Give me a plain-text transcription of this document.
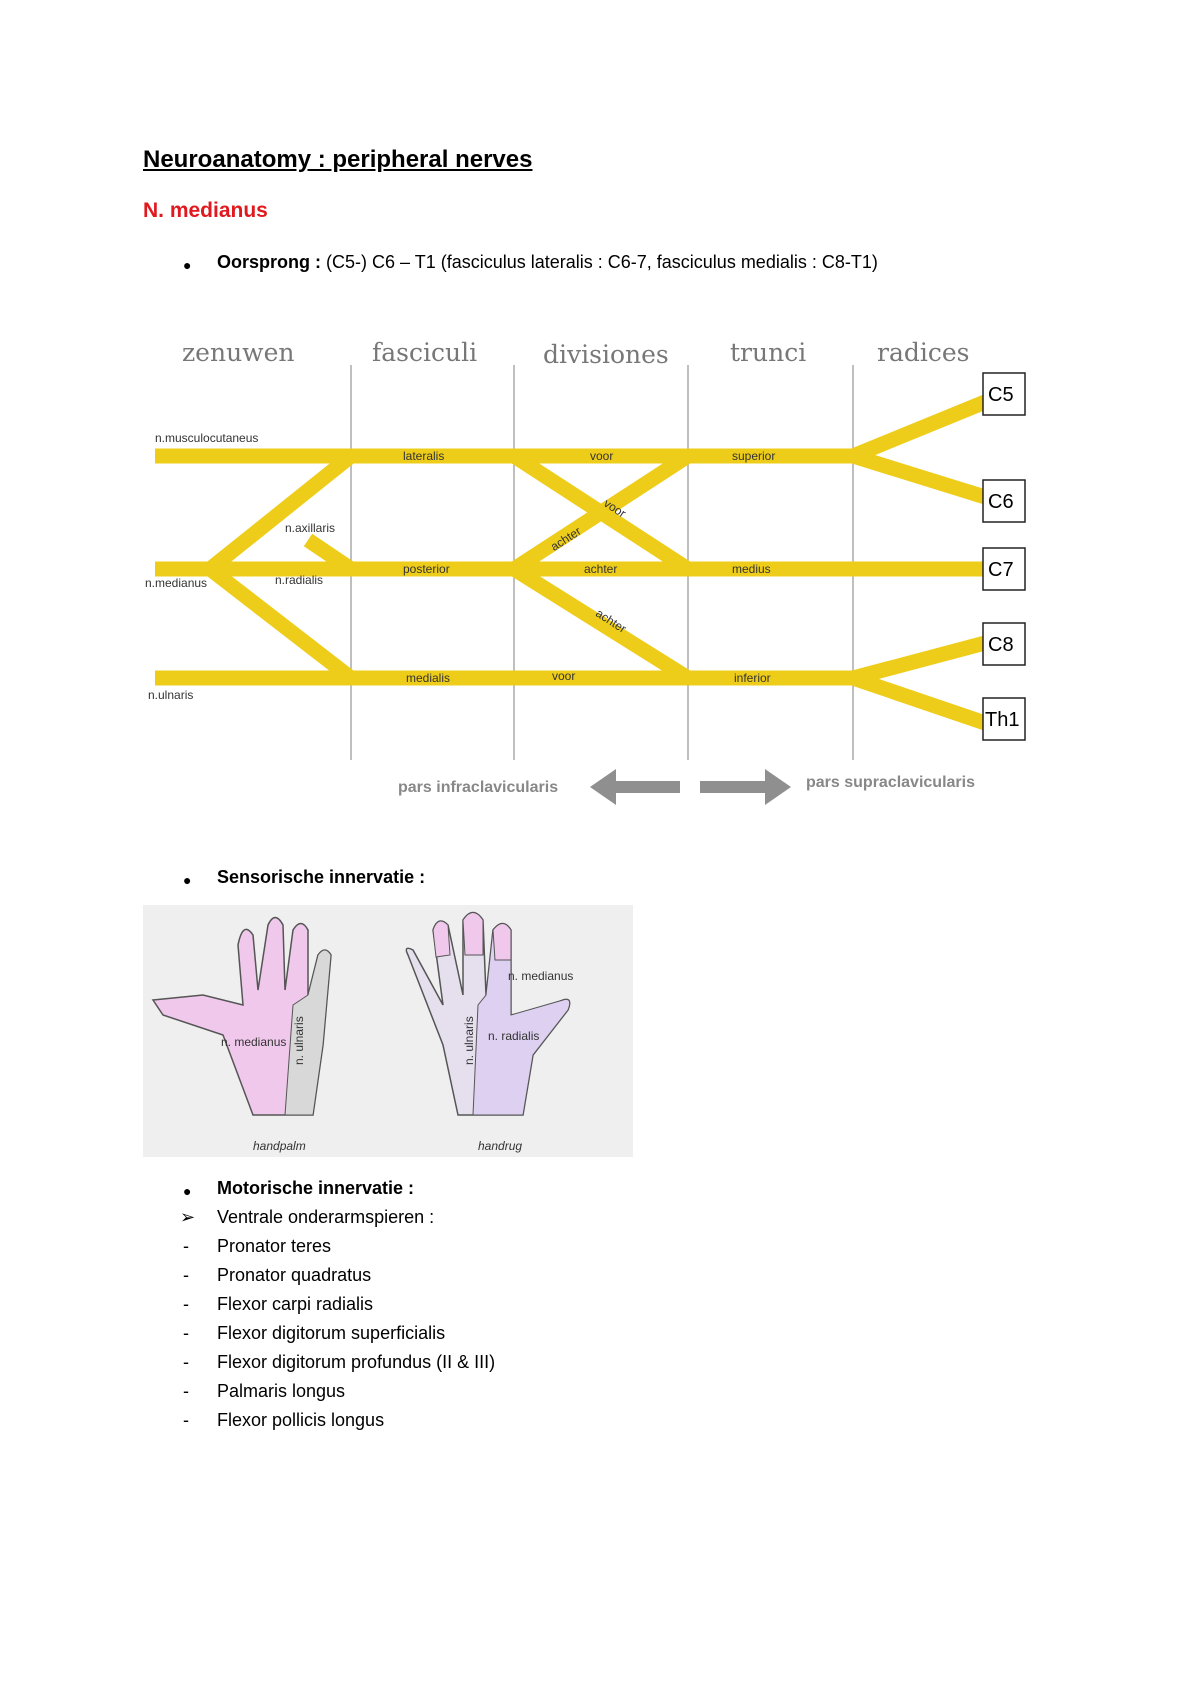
Neuroanatomy : peripheral nerves
N. medianus
● Oorsprong : (C5-) C6 – T1 (fasciculus lateralis : C6-7, fasciculus medialis : C8-T1)
zenuwen	fasciculi	divisiones trunci	radices
n.musculocutaneus
n.axillaris
n.medianus	n.radialis
n.ulnaris
lateralis
posterior
medialis
voor
voor
achter
achter
achter
voor
superior
medius
inferior
C5
C6
C7
C8
Th1
pars infraclavicularis	pars supraclavicularis
● Sensorische innervatie :
n. medianus n. ulnaris
handpalm
n. medianus
n. ulnaris n. radialis
handrug
● Motorische innervatie :
➢ Ventrale onderarmspieren :
- Pronator teres
- Pronator quadratus
- Flexor carpi radialis
- Flexor digitorum superficialis
- Flexor digitorum profundus (II & III)
- Palmaris longus
- Flexor pollicis longus
